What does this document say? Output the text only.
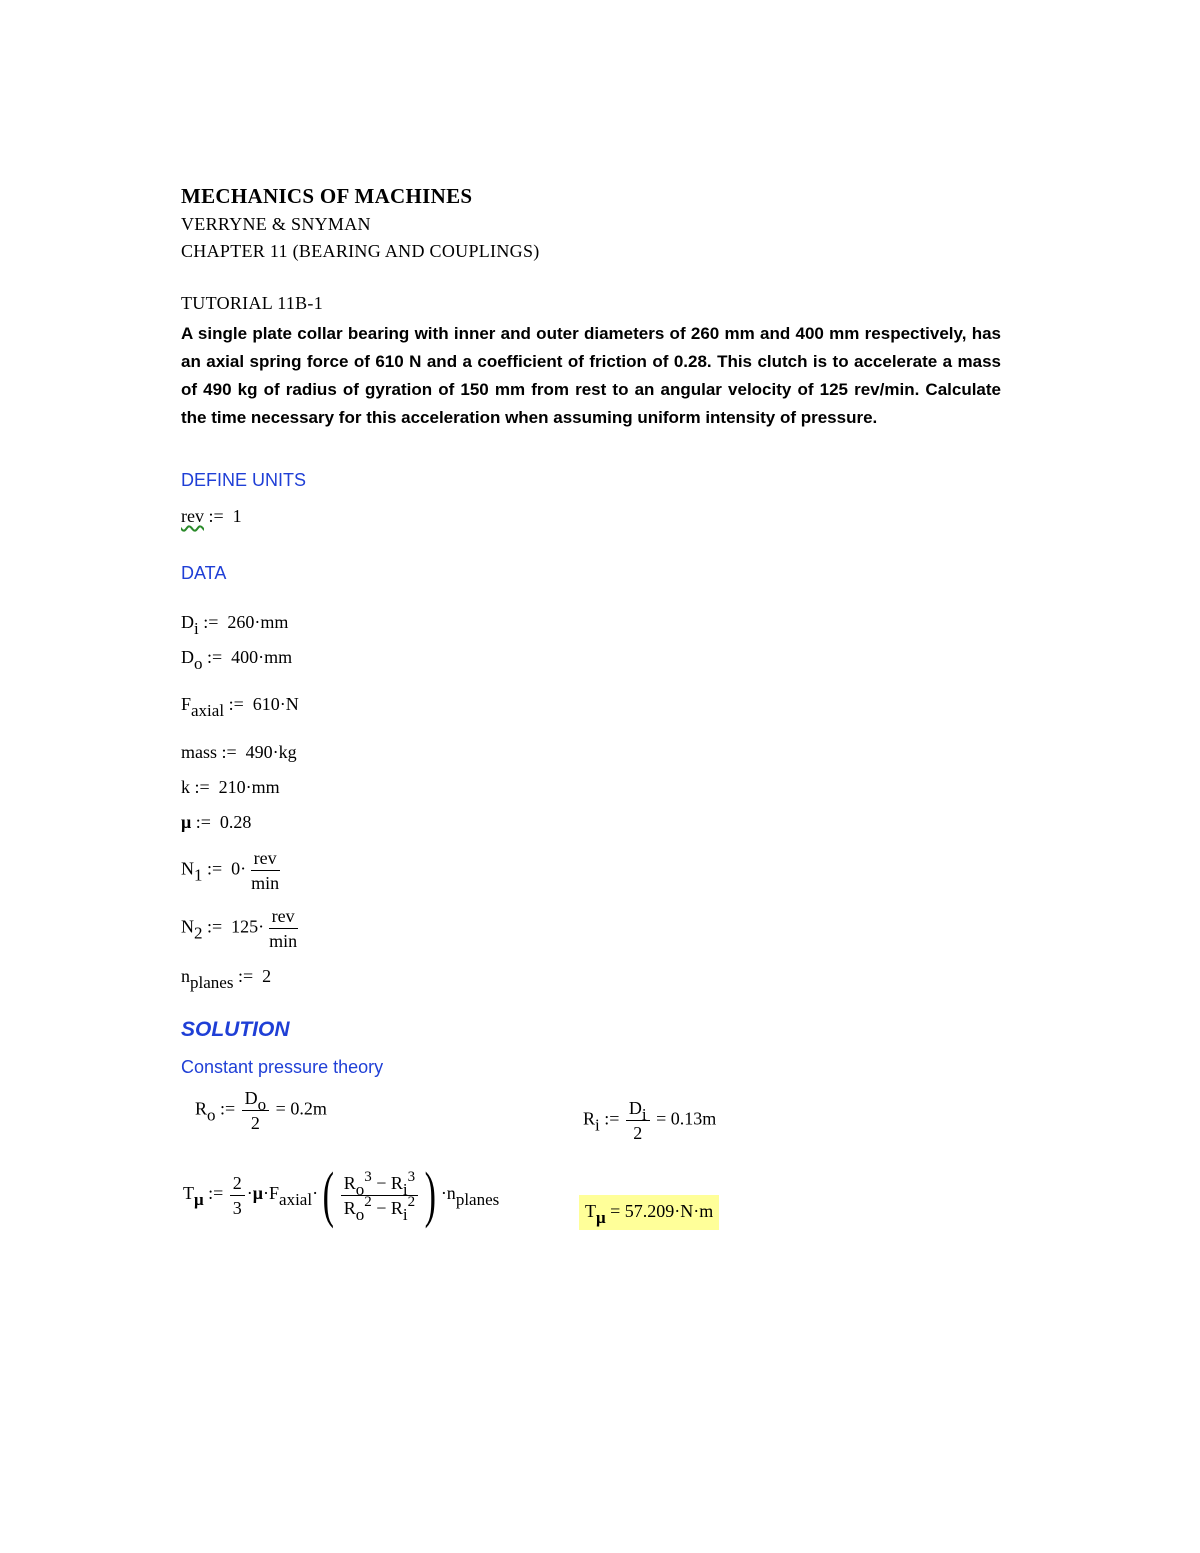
MECHANICS OF MACHINES
VERRYNE & SNYMAN
CHAPTER 11 (BEARING AND COUPLINGS)
TUTORIAL 11B-1
A single plate collar bearing with inner and outer diameters of 260 mm and 400 mm respectively, has an axial spring force of 610 N and a coefficient of friction of 0.28. This clutch is to accelerate a mass of 490 kg of radius of gyration of 150 mm from rest to an angular velocity of 125 rev/min. Calculate the time necessary for this acceleration when assuming uniform intensity of pressure.
DEFINE UNITS
rev :=  1
DATA
$D_i$ :=  260·mm
$D_o$ :=  400·mm
$F_{axial}$ :=  610·N
mass :=  490·kg
k :=  210·mm
μ :=  0.28
$N_1$ :=  $0\cdot \frac{\text{rev}}{\min}$
$N_2$ :=  $125\cdot \frac{\text{rev}}{\min}$
$n_{planes}$ :=  2
SOLUTION
Constant pressure theory
$R_o$ := $\frac{D_o}{2} = 0.2m$	$R_i$ := $\frac{D_i}{2} = 0.13m$
$T_\mu$ := $\frac{2}{3} \cdot\mu\cdot F_{axial}\cdot$ ( $\frac{R_o^3 - R_i^3}{R_o^2 - R_i^2}$ ) $\cdot n_{planes}$
$T_\mu = 57.209\cdot N\cdot m$
